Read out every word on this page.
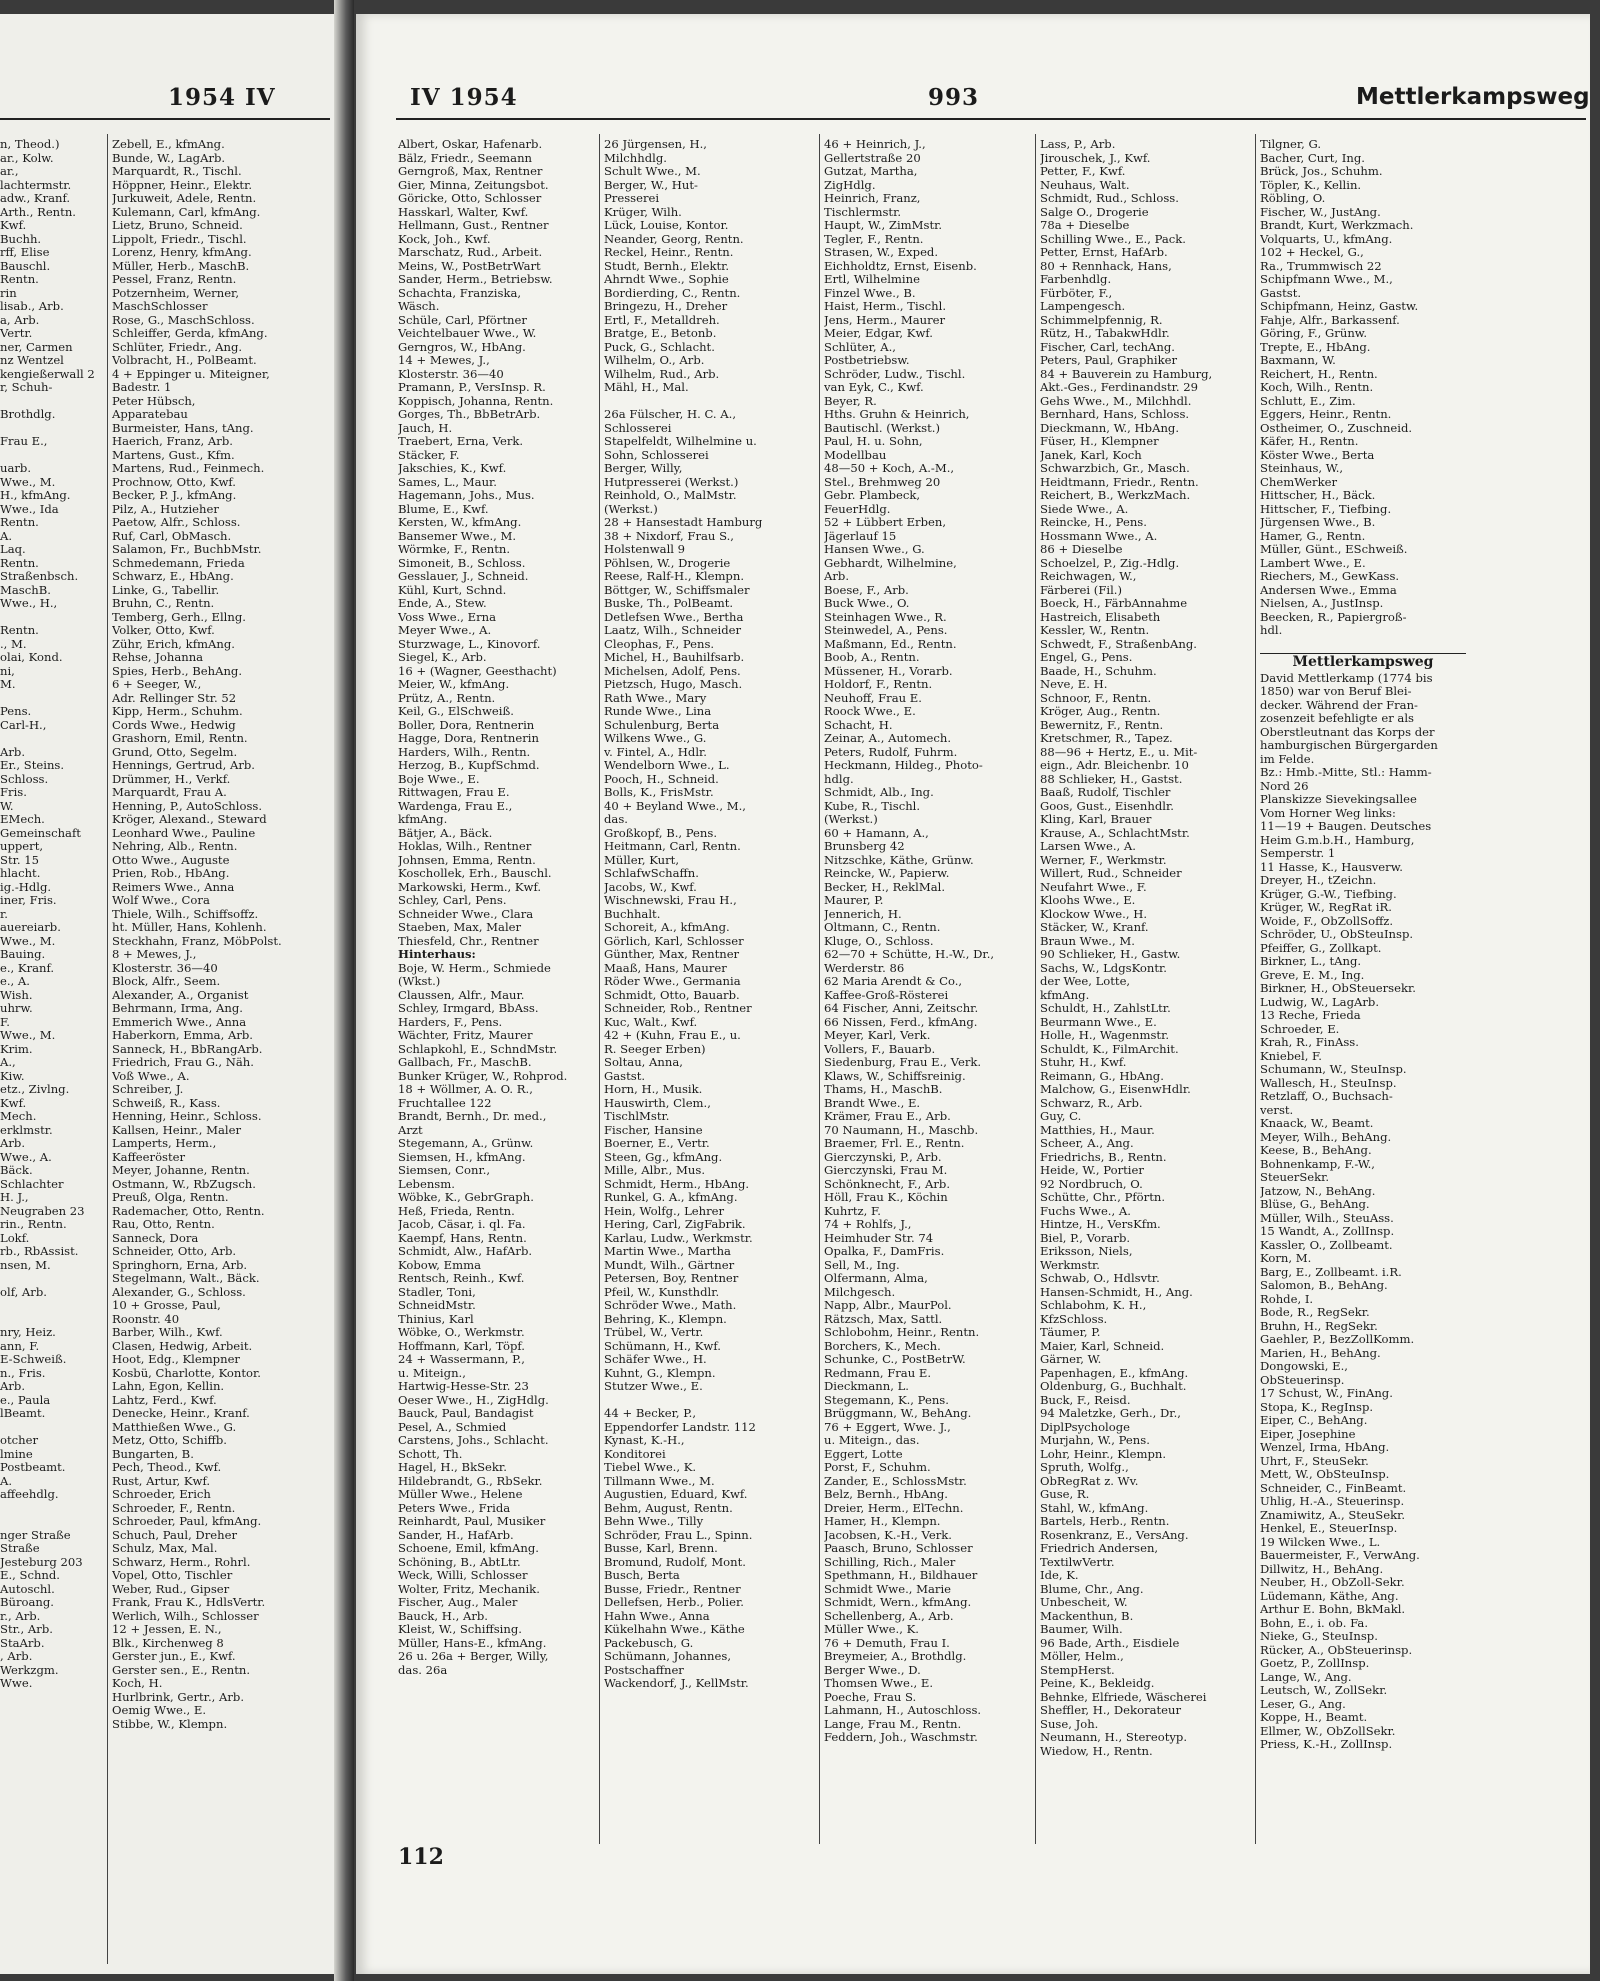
1954 IV
n, Theod.)
ar., Kolw.
ar.,
lachtermstr.
adw., Kranf.
Arth., Rentn.
Kwf.
Buchh.
rff, Elise
Bauschl.
Rentn.
rin
lisab., Arb.
a, Arb.
Vertr.
ner, Carmen
nz Wentzel
kengießerwall 2
r, Schuh-
Brothdlg.
Frau E.,
uarb.
Wwe., M.
H., kfmAng.
Wwe., Ida
Rentn.
A.
Laq.
Rentn.
Straßenbsch.
MaschB.
Wwe., H.,
Rentn.
., M.
olai, Kond.
ni,
M.
Pens.
Carl-H.,
Arb.
Er., Steins.
Schloss.
Fris.
W.
EMech.
Gemeinschaft
uppert,
Str. 15
hlacht.
ig.-Hdlg.
iner, Fris.
r.
auereiarb.
Wwe., M.
Bauing.
e., Kranf.
e., A.
Wish.
uhrw.
F.
Wwe., M.
Krim.
A.,
Kiw.
etz., Zivlng.
Kwf.
Mech.
erklmstr.
Arb.
Wwe., A.
Bäck.
Schlachter
H. J.,
Neugraben 23
rin., Rentn.
Lokf.
rb., RbAssist.
nsen, M.
olf, Arb.
nry, Heiz.
ann, F.
E-Schweiß.
n., Fris.
Arb.
e., Paula
lBeamt.
otcher
lmine
Postbeamt.
A.
affeehdlg.
nger Straße
Straße
Jesteburg 203
E., Schnd.
Autoschl.
Büroang.
r., Arb.
Str., Arb.
StaArb.
, Arb.
Werkzgm.
Wwe.
Zebell, E., kfmAng.
Bunde, W., LagArb.
Marquardt, R., Tischl.
Höppner, Heinr., Elektr.
Jurkuweit, Adele, Rentn.
Kulemann, Carl, kfmAng.
Lietz, Bruno, Schneid.
Lippolt, Friedr., Tischl.
Lorenz, Henry, kfmAng.
Müller, Herb., MaschB.
Pessel, Franz, Rentn.
Potzernheim, Werner,
MaschSchlosser
Rose, G., MaschSchloss.
Schleiffer, Gerda, kfmAng.
Schlüter, Friedr., Ang.
Volbracht, H., PolBeamt.
4 + Eppinger u. Miteigner,
Badestr. 1
Peter Hübsch,
Apparatebau
Burmeister, Hans, tAng.
Haerich, Franz, Arb.
Martens, Gust., Kfm.
Martens, Rud., Feinmech.
Prochnow, Otto, Kwf.
Becker, P. J., kfmAng.
Pilz, A., Hutzieher
Paetow, Alfr., Schloss.
Ruf, Carl, ObMasch.
Salamon, Fr., BuchbMstr.
Schmedemann, Frieda
Schwarz, E., HbAng.
Linke, G., Tabellir.
Bruhn, C., Rentn.
Temberg, Gerh., Ellng.
Volker, Otto, Kwf.
Zühr, Erich, kfmAng.
Rehse, Johanna
Spies, Herb., BehAng.
6 + Seeger, W.,
Adr. Rellinger Str. 52
Kipp, Herm., Schuhm.
Cords Wwe., Hedwig
Grashorn, Emil, Rentn.
Grund, Otto, Segelm.
Hennings, Gertrud, Arb.
Drümmer, H., Verkf.
Marquardt, Frau A.
Henning, P., AutoSchloss.
Kröger, Alexand., Steward
Leonhard Wwe., Pauline
Nehring, Alb., Rentn.
Otto Wwe., Auguste
Prien, Rob., HbAng.
Reimers Wwe., Anna
Wolf Wwe., Cora
Thiele, Wilh., Schiffsoffz.
ht. Müller, Hans, Kohlenh.
Steckhahn, Franz, MöbPolst.
8 + Mewes, J.,
Klosterstr. 36—40
Block, Alfr., Seem.
Alexander, A., Organist
Behrmann, Irma, Ang.
Emmerich Wwe., Anna
Haberkorn, Emma, Arb.
Sanneck, H., BbRangArb.
Friedrich, Frau G., Näh.
Voß Wwe., A.
Schreiber, J.
Schweiß, R., Kass.
Henning, Heinr., Schloss.
Kallsen, Heinr., Maler
Lamperts, Herm.,
Kaffeeröster
Meyer, Johanne, Rentn.
Ostmann, W., RbZugsch.
Preuß, Olga, Rentn.
Rademacher, Otto, Rentn.
Rau, Otto, Rentn.
Sanneck, Dora
Schneider, Otto, Arb.
Springhorn, Erna, Arb.
Stegelmann, Walt., Bäck.
Alexander, G., Schloss.
10 + Grosse, Paul,
Roonstr. 40
Barber, Wilh., Kwf.
Clasen, Hedwig, Arbeit.
Hoot, Edg., Klempner
Kosbü, Charlotte, Kontor.
Lahn, Egon, Kellin.
Lahtz, Ferd., Kwf.
Denecke, Heinr., Kranf.
Matthießen Wwe., G.
Metz, Otto, Schiffb.
Bungarten, B.
Pech, Theod., Kwf.
Rust, Artur, Kwf.
Schroeder, Erich
Schroeder, F., Rentn.
Schroeder, Paul, kfmAng.
Schuch, Paul, Dreher
Schulz, Max, Mal.
Schwarz, Herm., Rohrl.
Vopel, Otto, Tischler
Weber, Rud., Gipser
Frank, Frau K., HdlsVertr.
Werlich, Wilh., Schlosser
12 + Jessen, E. N.,
Blk., Kirchenweg 8
Gerster jun., E., Kwf.
Gerster sen., E., Rentn.
Koch, H.
Hurlbrink, Gertr., Arb.
Oemig Wwe., E.
Stibbe, W., Klempn.
IV 1954	993	Mettlerkampsweg
Albert, Oskar, Hafenarb.
Bälz, Friedr., Seemann
Gerngroß, Max, Rentner
Gier, Minna, Zeitungsbot.
Göricke, Otto, Schlosser
Hasskarl, Walter, Kwf.
Hellmann, Gust., Rentner
Kock, Joh., Kwf.
Marschatz, Rud., Arbeit.
Meins, W., PostBetrWart
Sander, Herm., Betriebsw.
Schachta, Franziska,
Wäsch.
Schüle, Carl, Pförtner
Veichtelbauer Wwe., W.
Gerngros, W., HbAng.
14 + Mewes, J.,
Klosterstr. 36—40
Pramann, P., VersInsp. R.
Koppisch, Johanna, Rentn.
Gorges, Th., BbBetrArb.
Jauch, H.
Traebert, Erna, Verk.
Stäcker, F.
Jakschies, K., Kwf.
Sames, L., Maur.
Hagemann, Johs., Mus.
Blume, E., Kwf.
Kersten, W., kfmAng.
Bansemer Wwe., M.
Wörmke, F., Rentn.
Simoneit, B., Schloss.
Gesslauer, J., Schneid.
Kühl, Kurt, Schnd.
Ende, A., Stew.
Voss Wwe., Erna
Meyer Wwe., A.
Sturzwage, L., Kinovorf.
Siegel, K., Arb.
16 + (Wagner, Geesthacht)
Meier, W., kfmAng.
Prütz, A., Rentn.
Keil, G., ElSchweiß.
Boller, Dora, Rentnerin
Hagge, Dora, Rentnerin
Harders, Wilh., Rentn.
Herzog, B., KupfSchmd.
Boje Wwe., E.
Rittwagen, Frau E.
Wardenga, Frau E.,
kfmAng.
Bätjer, A., Bäck.
Hoklas, Wilh., Rentner
Johnsen, Emma, Rentn.
Koschollek, Erh., Bauschl.
Markowski, Herm., Kwf.
Schley, Carl, Pens.
Schneider Wwe., Clara
Staeben, Max, Maler
Thiesfeld, Chr., Rentner
Hinterhaus:
Boje, W. Herm., Schmiede
(Wkst.)
Claussen, Alfr., Maur.
Schley, Irmgard, BbAss.
Harders, F., Pens.
Wächter, Fritz, Maurer
Schlapkohl, E., SchndMstr.
Gallbach, Fr., MaschB.
Bunker Krüger, W., Rohprod.
18 + Wöllmer, A. O. R.,
Fruchtallee 122
Brandt, Bernh., Dr. med.,
Arzt
Stegemann, A., Grünw.
Siemsen, H., kfmAng.
Siemsen, Conr.,
Lebensm.
Wöbke, K., GebrGraph.
Heß, Frieda, Rentn.
Jacob, Cäsar, i. ql. Fa.
Kaempf, Hans, Rentn.
Schmidt, Alw., HafArb.
Kobow, Emma
Rentsch, Reinh., Kwf.
Stadler, Toni,
SchneidMstr.
Thinius, Karl
Wöbke, O., Werkmstr.
Hoffmann, Karl, Töpf.
24 + Wassermann, P.,
u. Miteign.,
Hartwig-Hesse-Str. 23
Oeser Wwe., H., ZigHdlg.
Bauck, Paul, Bandagist
Pesel, A., Schmied
Carstens, Johs., Schlacht.
Schott, Th.
Hagel, H., BkSekr.
Hildebrandt, G., RbSekr.
Müller Wwe., Helene
Peters Wwe., Frida
Reinhardt, Paul, Musiker
Sander, H., HafArb.
Schoene, Emil, kfmAng.
Schöning, B., AbtLtr.
Weck, Willi, Schlosser
Wolter, Fritz, Mechanik.
Fischer, Aug., Maler
Bauck, H., Arb.
Kleist, W., Schiffsing.
Müller, Hans-E., kfmAng.
26 u. 26a + Berger, Willy,
das. 26a
26 Jürgensen, H.,
Milchhdlg.
Schult Wwe., M.
Berger, W., Hut-
Presserei
Krüger, Wilh.
Lück, Louise, Kontor.
Neander, Georg, Rentn.
Reckel, Heinr., Rentn.
Studt, Bernh., Elektr.
Ahrndt Wwe., Sophie
Bordierding, C., Rentn.
Bringezu, H., Dreher
Ertl, F., Metalldreh.
Bratge, E., Betonb.
Puck, G., Schlacht.
Wilhelm, O., Arb.
Wilhelm, Rud., Arb.
Mähl, H., Mal.
26a Fülscher, H. C. A.,
Schlosserei
Stapelfeldt, Wilhelmine u.
Sohn, Schlosserei
Berger, Willy,
Hutpresserei (Werkst.)
Reinhold, O., MalMstr.
(Werkst.)
28 + Hansestadt Hamburg
38 + Nixdorf, Frau S.,
Holstenwall 9
Pöhlsen, W., Drogerie
Reese, Ralf-H., Klempn.
Böttger, W., Schiffsmaler
Buske, Th., PolBeamt.
Detlefsen Wwe., Bertha
Laatz, Wilh., Schneider
Cleophas, F., Pens.
Michel, H., Bauhilfsarb.
Michelsen, Adolf, Pens.
Pietzsch, Hugo, Masch.
Rath Wwe., Mary
Runde Wwe., Lina
Schulenburg, Berta
Wilkens Wwe., G.
v. Fintel, A., Hdlr.
Wendelborn Wwe., L.
Pooch, H., Schneid.
Bolls, K., FrisMstr.
40 + Beyland Wwe., M.,
das.
Großkopf, B., Pens.
Heitmann, Carl, Rentn.
Müller, Kurt,
SchlafwSchaffn.
Jacobs, W., Kwf.
Wischnewski, Frau H.,
Buchhalt.
Schoreit, A., kfmAng.
Görlich, Karl, Schlosser
Günther, Max, Rentner
Maaß, Hans, Maurer
Röder Wwe., Germania
Schmidt, Otto, Bauarb.
Schneider, Rob., Rentner
Kuc, Walt., Kwf.
42 + (Kuhn, Frau E., u.
R. Seeger Erben)
Soltau, Anna,
Gastst.
Horn, H., Musik.
Hauswirth, Clem.,
TischlMstr.
Fischer, Hansine
Boerner, E., Vertr.
Steen, Gg., kfmAng.
Mille, Albr., Mus.
Schmidt, Herm., HbAng.
Runkel, G. A., kfmAng.
Hein, Wolfg., Lehrer
Hering, Carl, ZigFabrik.
Karlau, Ludw., Werkmstr.
Martin Wwe., Martha
Mundt, Wilh., Gärtner
Petersen, Boy, Rentner
Pfeil, W., Kunsthdlr.
Schröder Wwe., Math.
Behring, K., Klempn.
Trübel, W., Vertr.
Schümann, H., Kwf.
Schäfer Wwe., H.
Kuhnt, G., Klempn.
Stutzer Wwe., E.
44 + Becker, P.,
Eppendorfer Landstr. 112
Kynast, K.-H.,
Konditorei
Tiebel Wwe., K.
Tillmann Wwe., M.
Augustien, Eduard, Kwf.
Behm, August, Rentn.
Behn Wwe., Tilly
Schröder, Frau L., Spinn.
Busse, Karl, Brenn.
Bromund, Rudolf, Mont.
Busch, Berta
Busse, Friedr., Rentner
Dellefsen, Herb., Polier.
Hahn Wwe., Anna
Kükelhahn Wwe., Käthe
Packebusch, G.
Schümann, Johannes,
Postschaffner
Wackendorf, J., KellMstr.
46 + Heinrich, J.,
Gellertstraße 20
Gutzat, Martha,
ZigHdlg.
Heinrich, Franz,
Tischlermstr.
Haupt, W., ZimMstr.
Tegler, F., Rentn.
Strasen, W., Exped.
Eichholdtz, Ernst, Eisenb.
Ertl, Wilhelmine
Finzel Wwe., B.
Haist, Herm., Tischl.
Jens, Herm., Maurer
Meier, Edgar, Kwf.
Schlüter, A.,
Postbetriebsw.
Schröder, Ludw., Tischl.
van Eyk, C., Kwf.
Beyer, R.
Hths. Gruhn & Heinrich,
Bautischl. (Werkst.)
Paul, H. u. Sohn,
Modellbau
48—50 + Koch, A.-M.,
Stel., Brehmweg 20
Gebr. Plambeck,
FeuerHdlg.
52 + Lübbert Erben,
Jägerlauf 15
Hansen Wwe., G.
Gebhardt, Wilhelmine,
Arb.
Boese, F., Arb.
Buck Wwe., O.
Steinhagen Wwe., R.
Steinwedel, A., Pens.
Maßmann, Ed., Rentn.
Boob, A., Rentn.
Müssener, H., Vorarb.
Holdorf, F., Rentn.
Neuhoff, Frau E.
Roock Wwe., E.
Schacht, H.
Zeinar, A., Automech.
Peters, Rudolf, Fuhrm.
Heckmann, Hildeg., Photo-
hdlg.
Schmidt, Alb., Ing.
Kube, R., Tischl.
(Werkst.)
60 + Hamann, A.,
Brunsberg 42
Nitzschke, Käthe, Grünw.
Reincke, W., Papierw.
Becker, H., ReklMal.
Maurer, P.
Jennerich, H.
Oltmann, C., Rentn.
Kluge, O., Schloss.
62—70 + Schütte, H.-W., Dr.,
Werderstr. 86
62 Maria Arendt & Co.,
Kaffee-Groß-Rösterei
64 Fischer, Anni, Zeitschr.
66 Nissen, Ferd., kfmAng.
Meyer, Karl, Verk.
Vollers, F., Bauarb.
Siedenburg, Frau E., Verk.
Klaws, W., Schiffsreinig.
Thams, H., MaschB.
Brandt Wwe., E.
Krämer, Frau E., Arb.
70 Naumann, H., Maschb.
Braemer, Frl. E., Rentn.
Gierczynski, P., Arb.
Gierczynski, Frau M.
Schönknecht, F., Arb.
Höll, Frau K., Köchin
Kuhrtz, F.
74 + Rohlfs, J.,
Heimhuder Str. 74
Opalka, F., DamFris.
Sell, M., Ing.
Olfermann, Alma,
Milchgesch.
Napp, Albr., MaurPol.
Rätzsch, Max, Sattl.
Schlobohm, Heinr., Rentn.
Borchers, K., Mech.
Schunke, C., PostBetrW.
Redmann, Frau E.
Dieckmann, L.
Stegemann, K., Pens.
Brüggmann, W., BehAng.
76 + Eggert, Wwe. J.,
u. Miteign., das.
Eggert, Lotte
Porst, F., Schuhm.
Zander, E., SchlossMstr.
Belz, Bernh., HbAng.
Dreier, Herm., ElTechn.
Hamer, H., Klempn.
Jacobsen, K.-H., Verk.
Paasch, Bruno, Schlosser
Schilling, Rich., Maler
Spethmann, H., Bildhauer
Schmidt Wwe., Marie
Schmidt, Wern., kfmAng.
Schellenberg, A., Arb.
Müller Wwe., K.
76 + Demuth, Frau I.
Breymeier, A., Brothdlg.
Berger Wwe., D.
Thomsen Wwe., E.
Poeche, Frau S.
Lahmann, H., Autoschloss.
Lange, Frau M., Rentn.
Feddern, Joh., Waschmstr.
Lass, P., Arb.
Jirouschek, J., Kwf.
Petter, F., Kwf.
Neuhaus, Walt.
Schmidt, Rud., Schloss.
Salge O., Drogerie
78a + Dieselbe
Schilling Wwe., E., Pack.
Petter, Ernst, HafArb.
80 + Rennhack, Hans,
Farbenhdlg.
Fürböter, F.,
Lampengesch.
Schimmelpfennig, R.
Rütz, H., TabakwHdlr.
Fischer, Carl, techAng.
Peters, Paul, Graphiker
84 + Bauverein zu Hamburg,
Akt.-Ges., Ferdinandstr. 29
Gehs Wwe., M., Milchhdl.
Bernhard, Hans, Schloss.
Dieckmann, W., HbAng.
Füser, H., Klempner
Janek, Karl, Koch
Schwarzbich, Gr., Masch.
Heidtmann, Friedr., Rentn.
Reichert, B., WerkzMach.
Siede Wwe., A.
Reincke, H., Pens.
Hossmann Wwe., A.
86 + Dieselbe
Schoelzel, P., Zig.-Hdlg.
Reichwagen, W.,
Färberei (Fil.)
Boeck, H., FärbAnnahme
Hastreich, Elisabeth
Kessler, W., Rentn.
Schwedt, F., StraßenbAng.
Engel, G., Pens.
Baade, H., Schuhm.
Neve, E. H.
Schnoor, F., Rentn.
Kröger, Aug., Rentn.
Bewernitz, F., Rentn.
Kretschmer, R., Tapez.
88—96 + Hertz, E., u. Mit-
eign., Adr. Bleichenbr. 10
88 Schlieker, H., Gastst.
Baaß, Rudolf, Tischler
Goos, Gust., Eisenhdlr.
Kling, Karl, Brauer
Krause, A., SchlachtMstr.
Larsen Wwe., A.
Werner, F., Werkmstr.
Willert, Rud., Schneider
Neufahrt Wwe., F.
Kloohs Wwe., E.
Klockow Wwe., H.
Stäcker, W., Kranf.
Braun Wwe., M.
90 Schlieker, H., Gastw.
Sachs, W., LdgsKontr.
der Wee, Lotte,
kfmAng.
Schuldt, H., ZahlstLtr.
Beurmann Wwe., E.
Holle, H., Wagenmstr.
Schuldt, K., FilmArchit.
Stuhr, H., Kwf.
Reimann, G., HbAng.
Malchow, G., EisenwHdlr.
Schwarz, R., Arb.
Guy, C.
Matthies, H., Maur.
Scheer, A., Ang.
Friedrichs, B., Rentn.
Heide, W., Portier
92 Nordbruch, O.
Schütte, Chr., Pförtn.
Fuchs Wwe., A.
Hintze, H., VersKfm.
Biel, P., Vorarb.
Eriksson, Niels,
Werkmstr.
Schwab, O., Hdlsvtr.
Hansen-Schmidt, H., Ang.
Schlabohm, K. H.,
KfzSchloss.
Täumer, P.
Maier, Karl, Schneid.
Gärner, W.
Papenhagen, E., kfmAng.
Oldenburg, G., Buchhalt.
Buck, F., Reisd.
94 Maletzke, Gerh., Dr.,
DiplPsychologe
Murjahn, W., Pens.
Lohr, Heinr., Klempn.
Spruth, Wolfg.,
ObRegRat z. Wv.
Guse, R.
Stahl, W., kfmAng.
Bartels, Herb., Rentn.
Rosenkranz, E., VersAng.
Friedrich Andersen,
TextilwVertr.
Ide, K.
Blume, Chr., Ang.
Unbescheit, W.
Mackenthun, B.
Baumer, Wilh.
96 Bade, Arth., Eisdiele
Möller, Helm.,
StempHerst.
Peine, K., Bekleidg.
Behnke, Elfriede, Wäscherei
Sheffler, H., Dekorateur
Suse, Joh.
Neumann, H., Stereotyp.
Wiedow, H., Rentn.
Tilgner, G.
Bacher, Curt, Ing.
Brück, Jos., Schuhm.
Töpler, K., Kellin.
Röbling, O.
Fischer, W., JustAng.
Brandt, Kurt, Werkzmach.
Volquarts, U., kfmAng.
102 + Heckel, G.,
Ra., Trummwisch 22
Schipfmann Wwe., M.,
Gastst.
Schipfmann, Heinz, Gastw.
Fahje, Alfr., Barkassenf.
Göring, F., Grünw.
Trepte, E., HbAng.
Baxmann, W.
Reichert, H., Rentn.
Koch, Wilh., Rentn.
Schlutt, E., Zim.
Eggers, Heinr., Rentn.
Ostheimer, O., Zuschneid.
Käfer, H., Rentn.
Köster Wwe., Berta
Steinhaus, W.,
ChemWerker
Hittscher, H., Bäck.
Hittscher, F., Tiefbing.
Jürgensen Wwe., B.
Hamer, G., Rentn.
Müller, Günt., ESchweiß.
Lambert Wwe., E.
Riechers, M., GewKass.
Andersen Wwe., Emma
Nielsen, A., JustInsp.
Beecken, R., Papiergroß-
hdl.
Mettlerkampsweg
David Mettlerkamp (1774 bis
1850) war von Beruf Blei-
decker. Während der Fran-
zosenzeit befehligte er als
Oberstleutnant das Korps der
hamburgischen Bürgergarden
im Felde.
Bz.: Hmb.-Mitte, Stl.: Hamm-
Nord 26
Planskizze Sievekingsallee
Vom Horner Weg links:
11—19 + Baugen. Deutsches
Heim G.m.b.H., Hamburg,
Semperstr. 1
11 Hasse, K., Hausverw.
Dreyer, H., tZeichn.
Krüger, G.-W., Tiefbing.
Krüger, W., RegRat iR.
Woide, F., ObZollSoffz.
Schröder, U., ObSteuInsp.
Pfeiffer, G., Zollkapt.
Birkner, L., tAng.
Greve, E. M., Ing.
Birkner, H., ObSteuersekr.
Ludwig, W., LagArb.
13 Reche, Frieda
Schroeder, E.
Krah, R., FinAss.
Kniebel, F.
Schumann, W., SteuInsp.
Wallesch, H., SteuInsp.
Retzlaff, O., Buchsach-
verst.
Knaack, W., Beamt.
Meyer, Wilh., BehAng.
Keese, B., BehAng.
Bohnenkamp, F.-W.,
SteuerSekr.
Jatzow, N., BehAng.
Blüse, G., BehAng.
Müller, Wilh., SteuAss.
15 Wandt, A., ZollInsp.
Kassler, O., Zollbeamt.
Korn, M.
Barg, E., Zollbeamt. i.R.
Salomon, B., BehAng.
Rohde, I.
Bode, R., RegSekr.
Bruhn, H., RegSekr.
Gaehler, P., BezZollKomm.
Marien, H., BehAng.
Dongowski, E.,
ObSteuerinsp.
17 Schust, W., FinAng.
Stopa, K., RegInsp.
Eiper, C., BehAng.
Eiper, Josephine
Wenzel, Irma, HbAng.
Uhrt, F., SteuSekr.
Mett, W., ObSteuInsp.
Schneider, C., FinBeamt.
Uhlig, H.-A., Steuerinsp.
Znamiwitz, A., SteuSekr.
Henkel, E., SteuerInsp.
19 Wilcken Wwe., L.
Bauermeister, F., VerwAng.
Dillwitz, H., BehAng.
Neuber, H., ObZoll-Sekr.
Lüdemann, Käthe, Ang.
Arthur E. Bohn, BkMakl.
Bohn, E., i. ob. Fa.
Nieke, G., SteuInsp.
Rücker, A., ObSteuerinsp.
Goetz, P., ZollInsp.
Lange, W., Ang.
Leutsch, W., ZollSekr.
Leser, G., Ang.
Koppe, H., Beamt.
Ellmer, W., ObZollSekr.
Priess, K.-H., ZollInsp.
112
